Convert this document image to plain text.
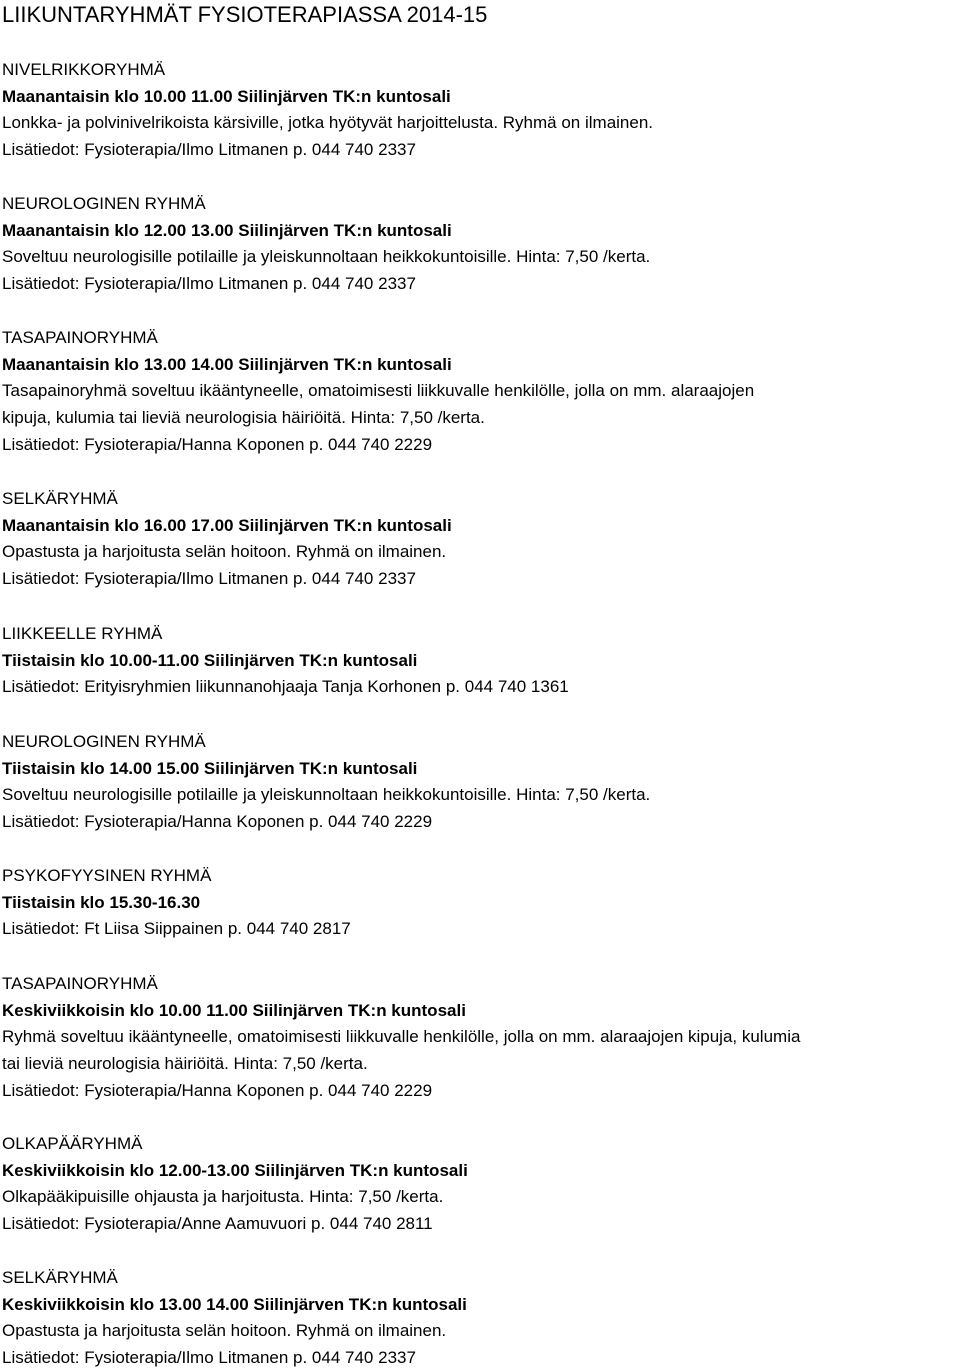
LIIKUNTARYHMÄT FYSIOTERAPIASSA 2014-15
NIVELRIKKORYHMÄ
Maanantaisin klo 10.00 11.00 Siilinjärven TK:n kuntosali
Lonkka- ja polvinivelrikoista kärsiville, jotka hyötyvät harjoittelusta. Ryhmä on ilmainen.
Lisätiedot: Fysioterapia/Ilmo Litmanen p. 044 740 2337
NEUROLOGINEN RYHMÄ
Maanantaisin klo 12.00 13.00 Siilinjärven TK:n kuntosali
Soveltuu neurologisille potilaille ja yleiskunnoltaan heikkokuntoisille. Hinta: 7,50 /kerta.
Lisätiedot: Fysioterapia/Ilmo Litmanen p. 044 740 2337
TASAPAINORYHMÄ
Maanantaisin klo 13.00 14.00 Siilinjärven TK:n kuntosali
Tasapainoryhmä soveltuu ikääntyneelle, omatoimisesti liikkuvalle henkilölle, jolla on mm. alaraajojen
kipuja, kulumia tai lieviä neurologisia häiriöitä. Hinta: 7,50 /kerta.
Lisätiedot: Fysioterapia/Hanna Koponen p. 044 740 2229
SELKÄRYHMÄ
Maanantaisin klo 16.00 17.00 Siilinjärven TK:n kuntosali
Opastusta ja harjoitusta selän hoitoon. Ryhmä on ilmainen.
Lisätiedot: Fysioterapia/Ilmo Litmanen p. 044 740 2337
LIIKKEELLE RYHMÄ
Tiistaisin klo 10.00-11.00 Siilinjärven TK:n kuntosali
Lisätiedot: Erityisryhmien liikunnanohjaaja Tanja Korhonen p. 044 740 1361
NEUROLOGINEN RYHMÄ
Tiistaisin klo 14.00 15.00 Siilinjärven TK:n kuntosali
Soveltuu neurologisille potilaille ja yleiskunnoltaan heikkokuntoisille. Hinta: 7,50 /kerta.
Lisätiedot: Fysioterapia/Hanna Koponen p. 044 740 2229
PSYKOFYYSINEN RYHMÄ
Tiistaisin klo 15.30-16.30
Lisätiedot: Ft Liisa Siippainen p. 044 740 2817
TASAPAINORYHMÄ
Keskiviikkoisin klo 10.00 11.00 Siilinjärven TK:n kuntosali
Ryhmä soveltuu ikääntyneelle, omatoimisesti liikkuvalle henkilölle, jolla on mm. alaraajojen kipuja, kulumia
tai lieviä neurologisia häiriöitä. Hinta: 7,50 /kerta.
Lisätiedot: Fysioterapia/Hanna Koponen p. 044 740 2229
OLKAPÄÄRYHMÄ
Keskiviikkoisin klo 12.00-13.00 Siilinjärven TK:n kuntosali
Olkapääkipuisille ohjausta ja harjoitusta. Hinta: 7,50 /kerta.
Lisätiedot: Fysioterapia/Anne Aamuvuori p. 044 740 2811
SELKÄRYHMÄ
Keskiviikkoisin klo 13.00 14.00 Siilinjärven TK:n kuntosali
Opastusta ja harjoitusta selän hoitoon. Ryhmä on ilmainen.
Lisätiedot: Fysioterapia/Ilmo Litmanen p. 044 740 2337
